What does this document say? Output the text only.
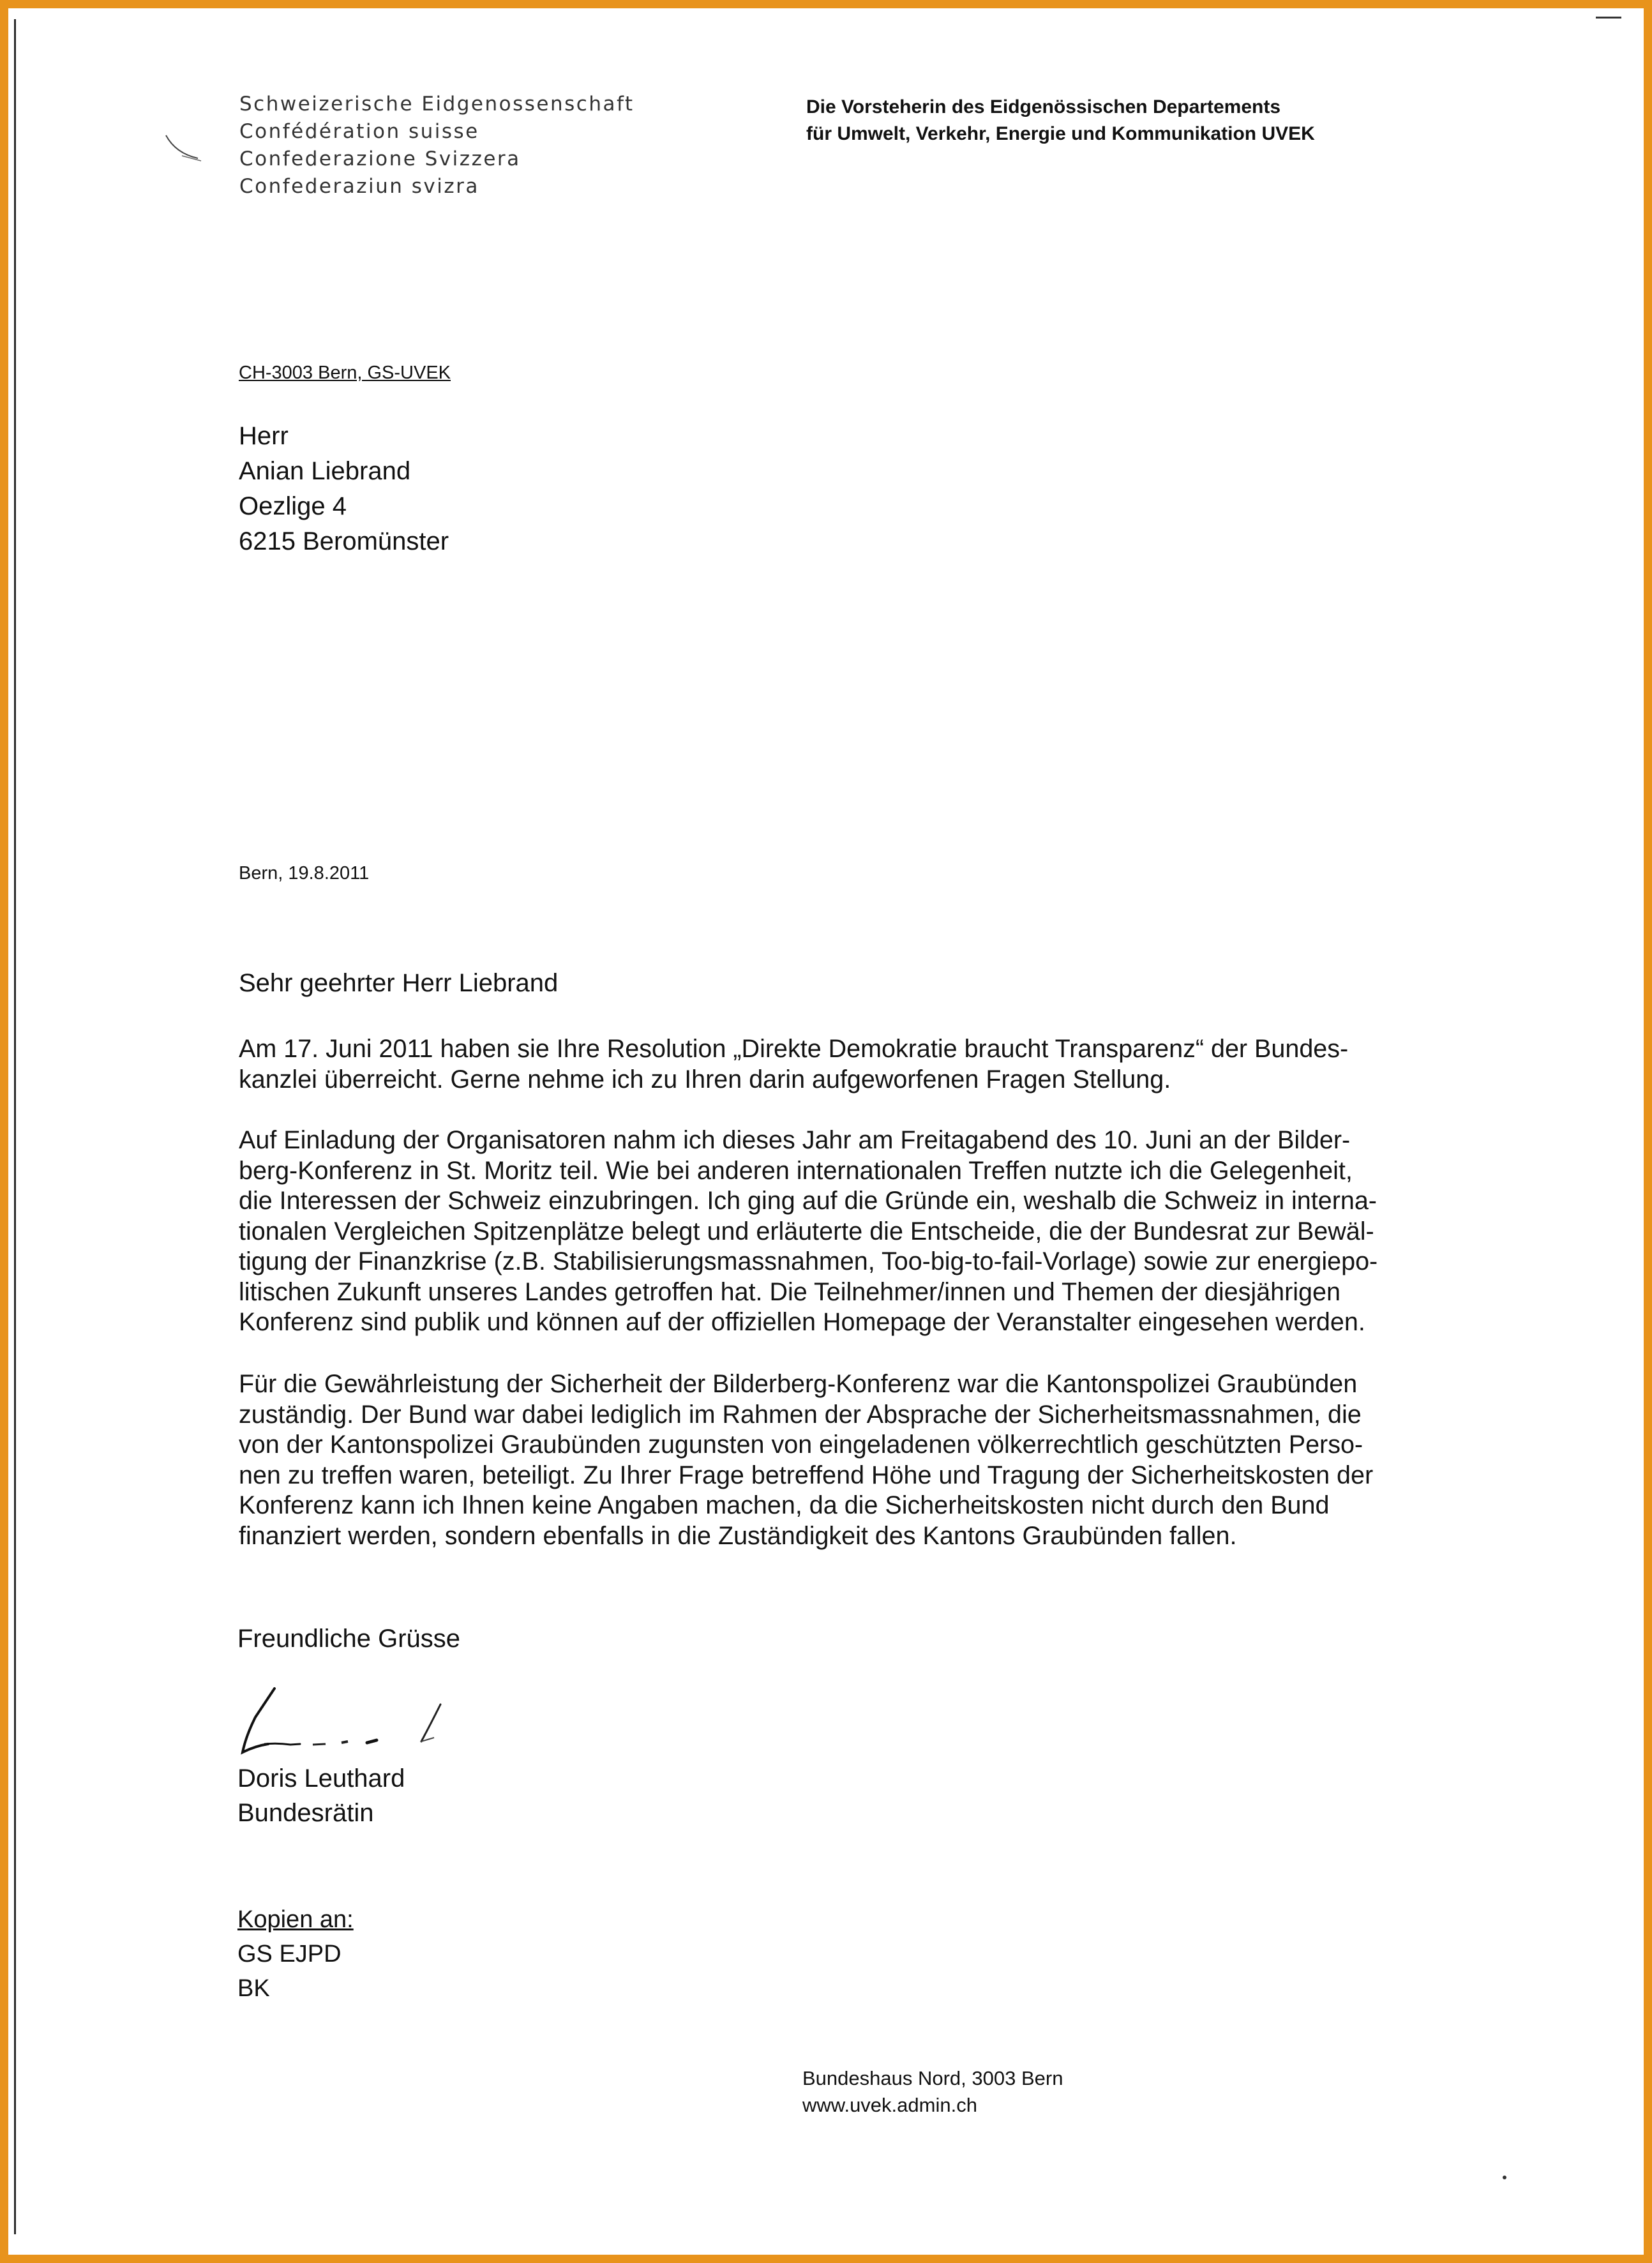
Schweizerische Eidgenossenschaft
Confédération suisse
Confederazione Svizzera
Confederaziun svizra
Die Vorsteherin des Eidgenössischen Departements
für Umwelt, Verkehr, Energie und Kommunikation UVEK
CH-3003 Bern, GS-UVEK
Herr
Anian Liebrand
Oezlige 4
6215 Beromünster
Bern, 19.8.2011
Sehr geehrter Herr Liebrand
Am 17. Juni 2011 haben sie Ihre Resolution „Direkte Demokratie braucht Transparenz“ der Bundes-
kanzlei überreicht. Gerne nehme ich zu Ihren darin aufgeworfenen Fragen Stellung.
Auf Einladung der Organisatoren nahm ich dieses Jahr am Freitagabend des 10. Juni an der Bilder-
berg-Konferenz in St. Moritz teil. Wie bei anderen internationalen Treffen nutzte ich die Gelegenheit,
die Interessen der Schweiz einzubringen. Ich ging auf die Gründe ein, weshalb die Schweiz in interna-
tionalen Vergleichen Spitzenplätze belegt und erläuterte die Entscheide, die der Bundesrat zur Bewäl-
tigung der Finanzkrise (z.B. Stabilisierungsmassnahmen, Too-big-to-fail-Vorlage) sowie zur energiepo-
litischen Zukunft unseres Landes getroffen hat. Die Teilnehmer/innen und Themen der diesjährigen
Konferenz sind publik und können auf der offiziellen Homepage der Veranstalter eingesehen werden.
Für die Gewährleistung der Sicherheit der Bilderberg-Konferenz war die Kantonspolizei Graubünden
zuständig. Der Bund war dabei lediglich im Rahmen der Absprache der Sicherheitsmassnahmen, die
von der Kantonspolizei Graubünden zugunsten von eingeladenen völkerrechtlich geschützten Perso-
nen zu treffen waren, beteiligt. Zu Ihrer Frage betreffend Höhe und Tragung der Sicherheitskosten der
Konferenz kann ich Ihnen keine Angaben machen, da die Sicherheitskosten nicht durch den Bund
finanziert werden, sondern ebenfalls in die Zuständigkeit des Kantons Graubünden fallen.
Freundliche Grüsse
Doris Leuthard
Bundesrätin
Kopien an:
GS EJPD
BK
Bundeshaus Nord, 3003 Bern
www.uvek.admin.ch
